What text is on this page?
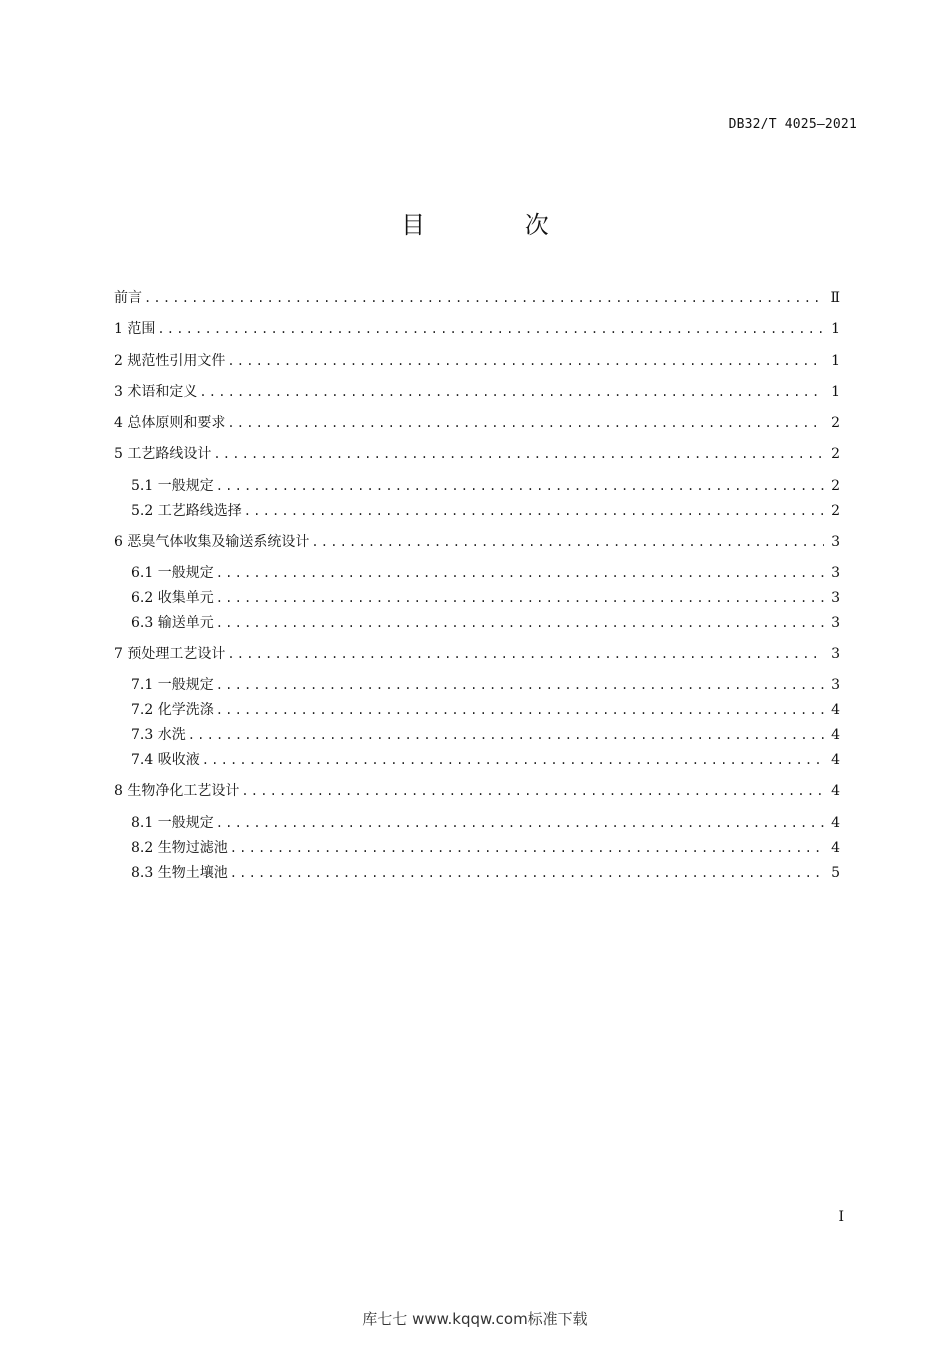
DB32/T 4025—2021
目 次
前言 .....	Ⅱ
1 范围 .....	1
2 规范性引用文件 .....	1
3 术语和定义 .....	1
4 总体原则和要求 .....	2
5 工艺路线设计 .....	2
5.1 一般规定 .....	2
5.2 工艺路线选择 .....	2
6 恶臭气体收集及输送系统设计 .....	3
6.1 一般规定 .....	3
6.2 收集单元 .....	3
6.3 输送单元 .....	3
7 预处理工艺设计 .....	3
7.1 一般规定 .....	3
7.2 化学洗涤 .....	4
7.3 水洗 .....	4
7.4 吸收液 .....	4
8 生物净化工艺设计 .....	4
8.1 一般规定 .....	4
8.2 生物过滤池 .....	4
8.3 生物土壤池 .....	5
I
库七七 www.kqqw.com标准下载
